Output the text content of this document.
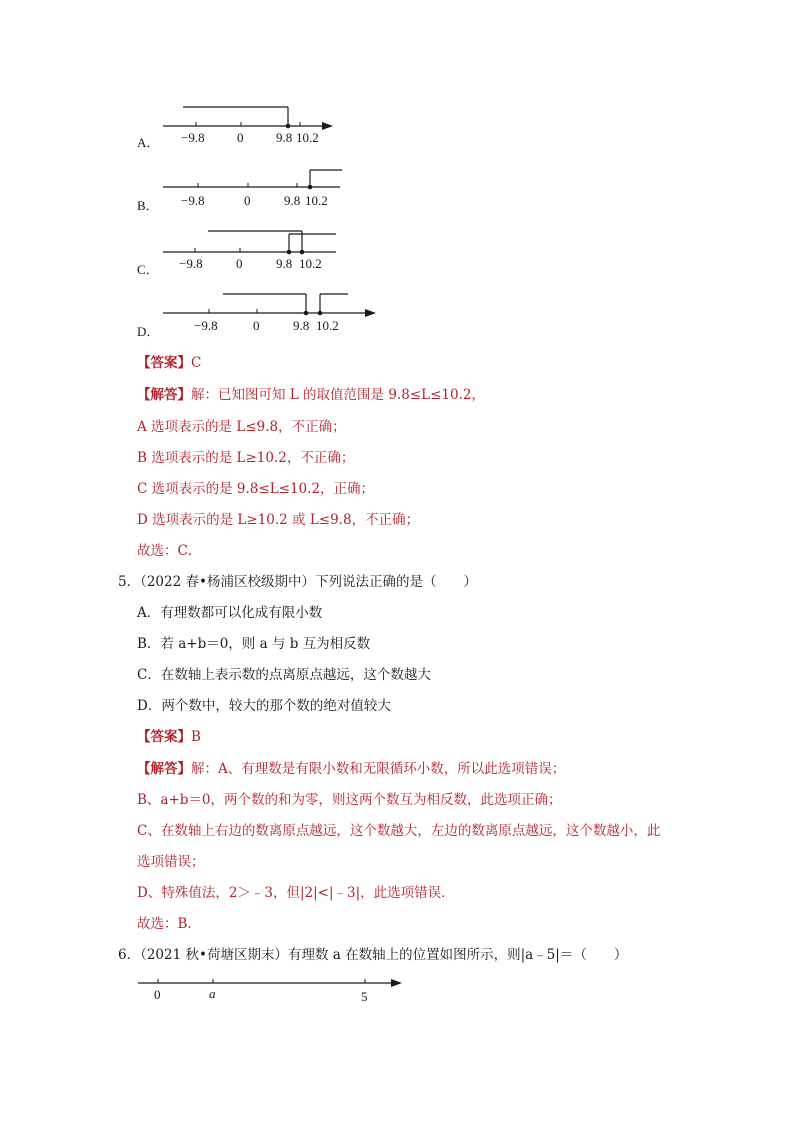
A． −9.8 0	9.8 10.2
B． −9.8	0	9.8 10.2
C． −9.8	0	9.8 10.2
D．	−9.8	0	9.8 10.2
【答案】C
【解答】解：已知图可知 L 的取值范围是 9.8≤L≤10.2，
A 选项表示的是 L≤9.8，不正确；
B 选项表示的是 L≥10.2，不正确；
C 选项表示的是 9.8≤L≤10.2，正确；
D 选项表示的是 L≥10.2 或 L≤9.8，不正确；
故选：C．
5．（2022 春•杨浦区校级期中）下列说法正确的是（　　）
A．有理数都可以化成有限小数
B．若 a+b＝0，则 a 与 b 互为相反数
C．在数轴上表示数的点离原点越远，这个数越大
D．两个数中，较大的那个数的绝对值较大
【答案】B
【解答】解：A、有理数是有限小数和无限循环小数，所以此选项错误；
B、a+b＝0，两个数的和为零，则这两个数互为相反数，此选项正确；
C、在数轴上右边的数离原点越远，这个数越大，左边的数离原点越远，这个数越小，此
选项错误；
D、特殊值法，2＞﹣3，但|2|<|﹣3|，此选项错误．
故选：B．
6．（2021 秋•荷塘区期末）有理数 a 在数轴上的位置如图所示，则|a﹣5|＝（　　）
0	a	5
